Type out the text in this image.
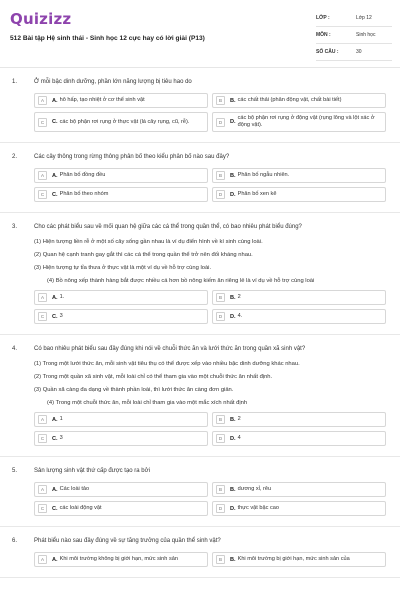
Quizizz
512 Bài tập Hệ sinh thái - Sinh học 12 cực hay có lời giải (P13)
LỚP :	Lớp 12
MÔN :	Sinh học
SỐ CÂU :	30
1.	Ở mỗi bậc dinh dưỡng, phần lớn năng lượng bị tiêu hao do
A	A. hô hấp, tạo nhiệt ở cơ thể sinh vật	B	B. các chất thải (phân động vật, chất bài tiết)
C	C. các bộ phận rơi rụng ở thực vật (lá cây rụng, cũ, rễ).	D	D.
các bộ phận rơi rụng ở động vật (rụng lông và lột xác ở động vật).
2.	Các cây thông trong rừng thông phân bố theo kiểu phân bố nào sau đây?
A	A. Phân bố đồng đều	B	B. Phân bố ngẫu nhiên.
C	C. Phân bố theo nhóm	D	D. Phân bố xen kẽ
3.	Cho các phát biểu sau về mối quan hệ giữa các cá thể trong quần thể, có bao nhiêu phát biểu đúng?
(1) Hiện tượng liền rễ ở một số cây sống gần nhau là ví dụ điển hình về kí sinh cùng loài.
(2) Quan hệ cạnh tranh gay gắt thì các cá thể trong quần thể trở nên đối kháng nhau.
(3) Hiện tượng tự tỉa thưa ở thực vật là một ví dụ về hỗ trợ cùng loài.
(4) Bồ nông xếp thành hàng bắt được nhiều cá hơn bồ nông kiếm ăn riêng lẻ là ví dụ về hỗ trợ cùng loài
A	A. 1.	B	B. 2
C	C. 3	D	D. 4.
4.	Có bao nhiêu phát biểu sau đây đúng khi nói về chuỗi thức ăn và lưới thức ăn trong quần xã sinh vật?
(1) Trong một lưới thức ăn, mỗi sinh vật tiêu thụ có thể được xếp vào nhiều bậc dinh dưỡng khác nhau.
(2) Trong một quần xã sinh vật, mỗi loài chỉ có thể tham gia vào một chuỗi thức ăn nhất định.
(3) Quần xã càng đa dạng về thành phần loài, thì lưới thức ăn càng đơn giản.
(4) Trong một chuỗi thức ăn, mỗi loài chỉ tham gia vào một mắc xích nhất định
A	A. 1	B	B. 2
C	C. 3	D	D. 4
5.	Sản lượng sinh vật thứ cấp được tạo ra bởi
A	A. Các loài tảo	B	B. dương xỉ, rêu
C	C. các loài động vật	D	D. thực vật bậc cao
6.	Phát biểu nào sau đây đúng về sự tăng trưởng của quần thể sinh vật?
A	A. Khi môi trường không bị giới hạn, mức sinh sản	B	B. Khi môi trường bị giới hạn, mức sinh sản của
